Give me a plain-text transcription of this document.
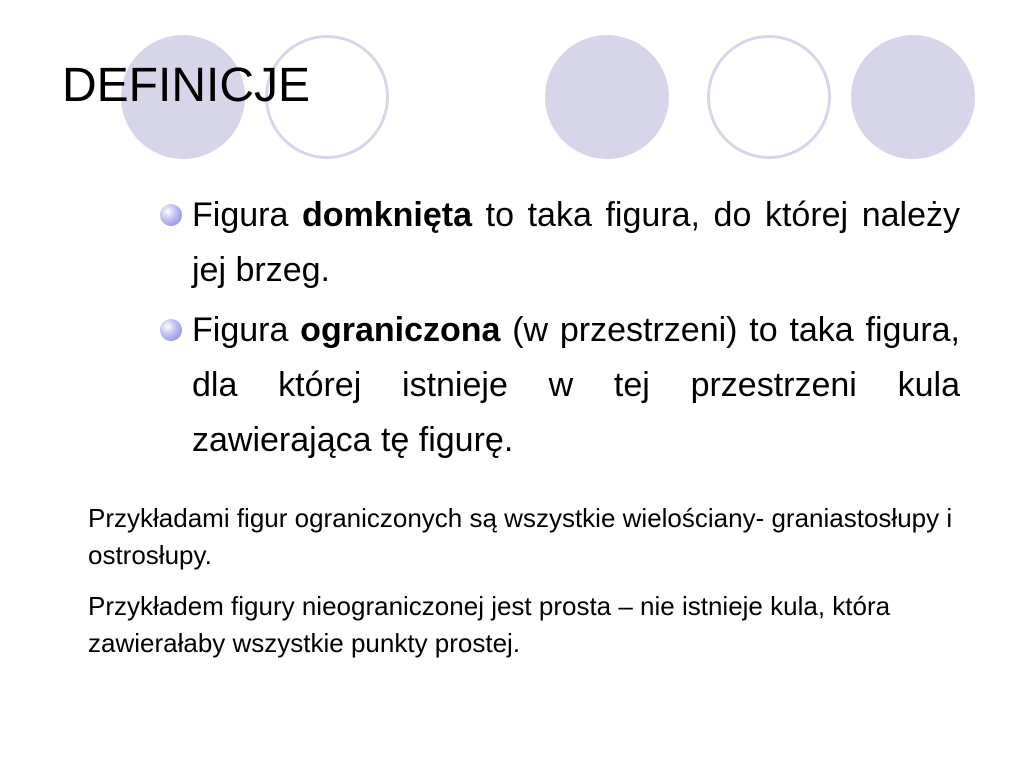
DEFINICJE
Figura domknięta to taka figura, do której należy jej brzeg.
Figura ograniczona (w przestrzeni) to taka figura, dla której istnieje w tej przestrzeni kula zawierająca tę figurę.

Przykładami figur ograniczonych są wszystkie wielościany- graniastosłupy i ostrosłupy.

Przykładem figury nieograniczonej jest prosta – nie istnieje kula, która zawierałaby wszystkie punkty prostej.
